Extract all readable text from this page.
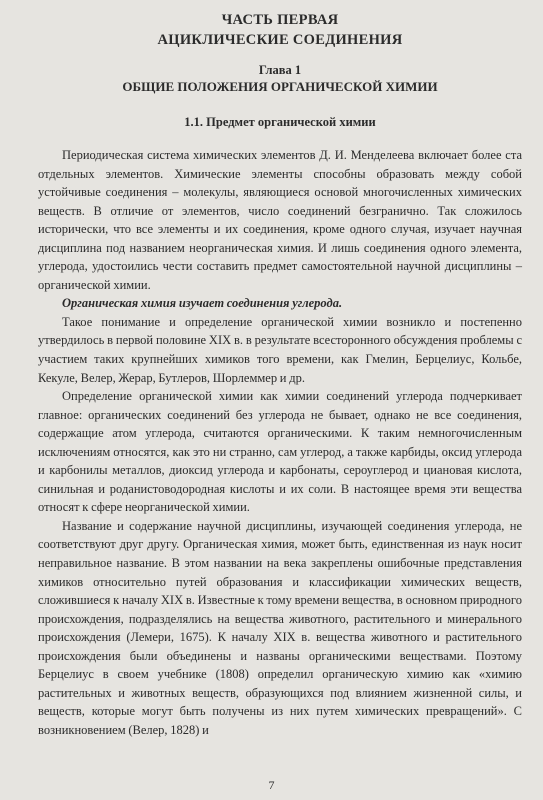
ЧАСТЬ ПЕРВАЯ
АЦИКЛИЧЕСКИЕ СОЕДИНЕНИЯ
Глава 1
ОБЩИЕ ПОЛОЖЕНИЯ ОРГАНИЧЕСКОЙ ХИМИИ
1.1. Предмет органической химии

Периодическая система химических элементов Д. И. Менделеева включает более ста отдельных элементов. Химические элементы способны образовать между собой устойчивые соединения – молекулы, являющиеся основой многочисленных химических веществ. В отличие от элементов, число соединений безгранично. Так сложилось исторически, что все элементы и их соединения, кроме одного случая, изучает научная дисциплина под названием неорганическая химия. И лишь соединения одного элемента, углерода, удостоились чести составить предмет самостоятельной научной дисциплины – органической химии.

Органическая химия изучает соединения углерода.

Такое понимание и определение органической химии возникло и постепенно утвердилось в первой половине XIX в. в результате всесторонного обсуждения проблемы с участием таких крупнейших химиков того времени, как Гмелин, Берцелиус, Кольбе, Кекуле, Велер, Жерар, Бутлеров, Шорлеммер и др.

Определение органической химии как химии соединений углерода подчеркивает главное: органических соединений без углерода не бывает, однако не все соединения, содержащие атом углерода, считаются органическими. К таким немногочисленным исключениям относятся, как это ни странно, сам углерод, а также карбиды, оксид углерода и карбонилы металлов, диоксид углерода и карбонаты, сероуглерод и циановая кислота, синильная и роданистоводородная кислоты и их соли. В настоящее время эти вещества относят к сфере неорганической химии.

Название и содержание научной дисциплины, изучающей соединения углерода, не соответствуют друг другу. Органическая химия, может быть, единственная из наук носит неправильное название. В этом названии на века закреплены ошибочные представления химиков относительно путей образования и классификации химических веществ, сложившиеся к началу XIX в. Известные к тому времени вещества, в основном природного происхождения, подразделялись на вещества животного, растительного и минерального происхождения (Лемери, 1675). К началу XIX в. вещества животного и растительного происхождения были объединены и названы органическими веществами. Поэтому Берцелиус в своем учебнике (1808) определил органическую химию как «химию растительных и животных веществ, образующихся под влиянием жизненной силы, и веществ, которые могут быть получены из них путем химических превращений». С возникновением (Велер, 1828) и

7
